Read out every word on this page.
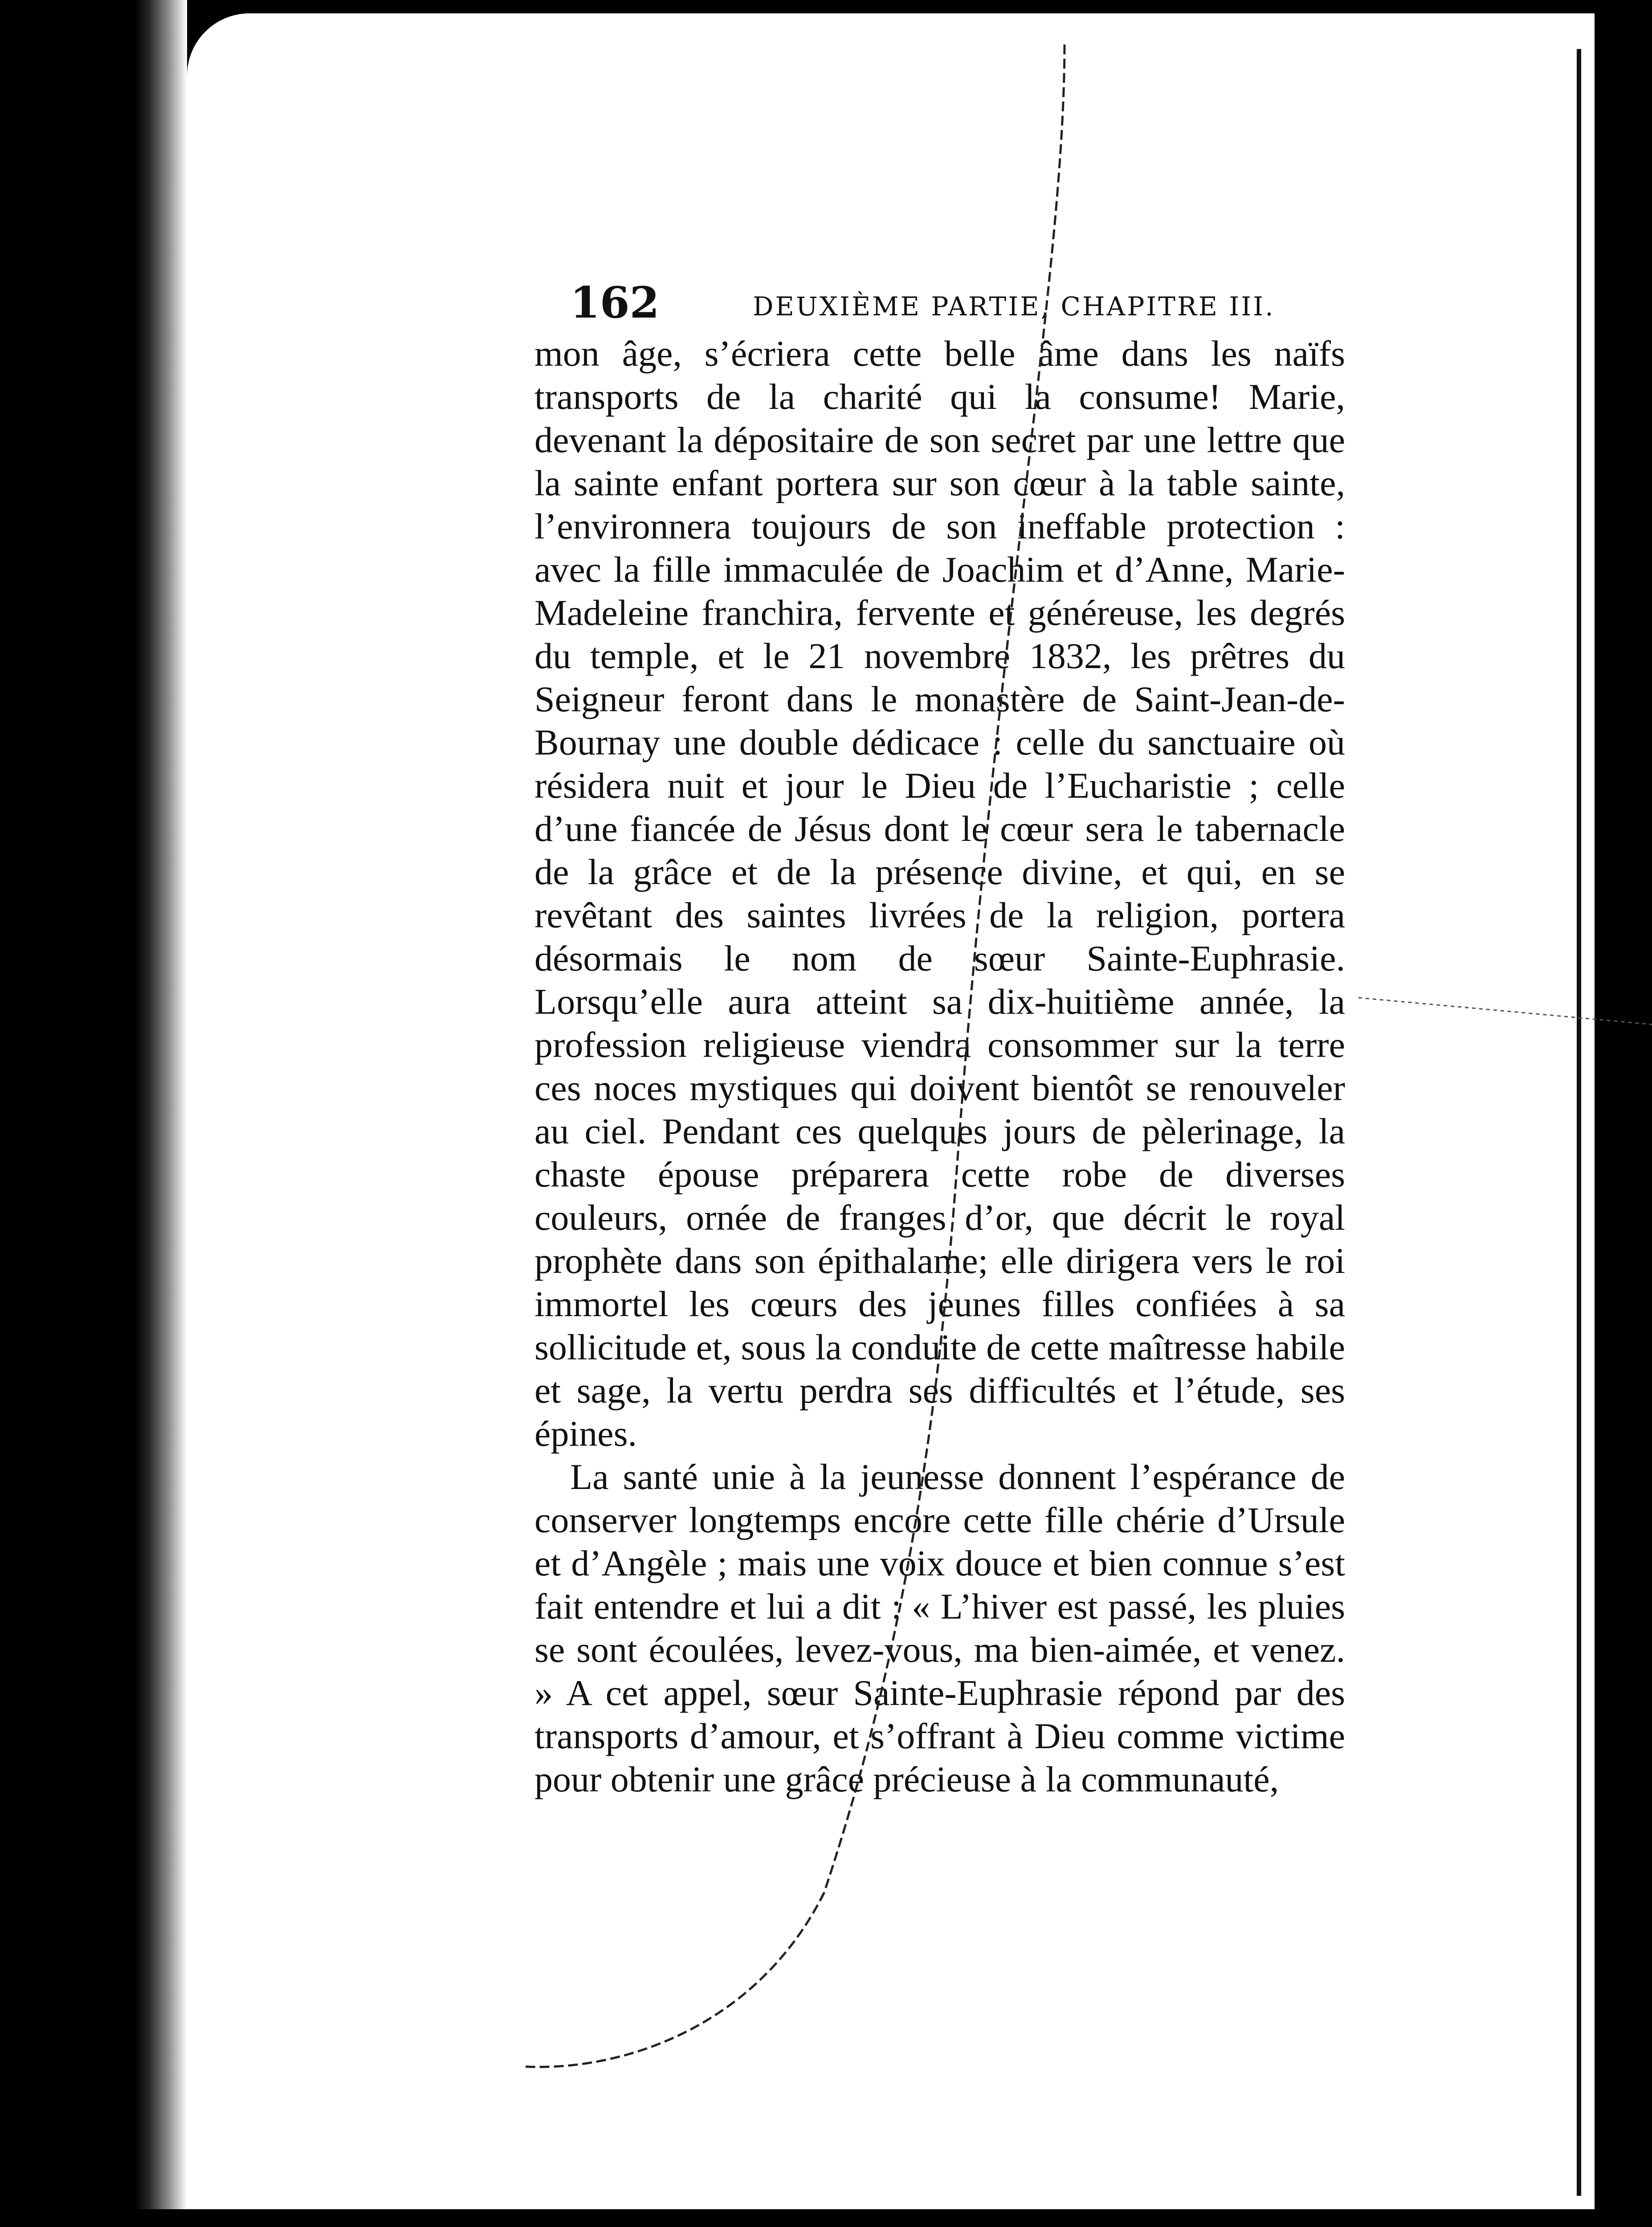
162	DEUXIÈME PARTIE, CHAPITRE III.

mon âge, s’écriera cette belle âme dans les naïfs transports de la charité qui la consume! Marie, devenant la dépositaire de son secret par une lettre que la sainte enfant portera sur son cœur à la table sainte, l’environnera toujours de son ineffable protection : avec la fille immaculée de Joachim et d’Anne, Marie-Madeleine franchira, fervente et généreuse, les degrés du temple, et le 21 novembre 1832, les prêtres du Seigneur feront dans le monastère de Saint-Jean-de-Bournay une double dédicace : celle du sanctuaire où résidera nuit et jour le Dieu de l’Eucharistie ; celle d’une fiancée de Jésus dont le cœur sera le tabernacle de la grâce et de la présence divine, et qui, en se revêtant des saintes livrées de la religion, portera désormais le nom de sœur Sainte-Euphrasie. Lorsqu’elle aura atteint sa dix-huitième année, la profession religieuse viendra consommer sur la terre ces noces mystiques qui doivent bientôt se renouveler au ciel. Pendant ces quelques jours de pèlerinage, la chaste épouse préparera cette robe de diverses couleurs, ornée de franges d’or, que décrit le royal prophète dans son épithalame; elle dirigera vers le roi immortel les cœurs des jeunes filles confiées à sa sollicitude et, sous la conduite de cette maîtresse habile et sage, la vertu perdra ses difficultés et l’étude, ses épines.

La santé unie à la jeunesse donnent l’espérance de conserver longtemps encore cette fille chérie d’Ursule et d’Angèle ; mais une voix douce et bien connue s’est fait entendre et lui a dit : « L’hiver est passé, les pluies se sont écoulées, levez-vous, ma bien-aimée, et venez. » A cet appel, sœur Sainte-Euphrasie répond par des transports d’amour, et s’offrant à Dieu comme victime pour obtenir une grâce précieuse à la communauté,
